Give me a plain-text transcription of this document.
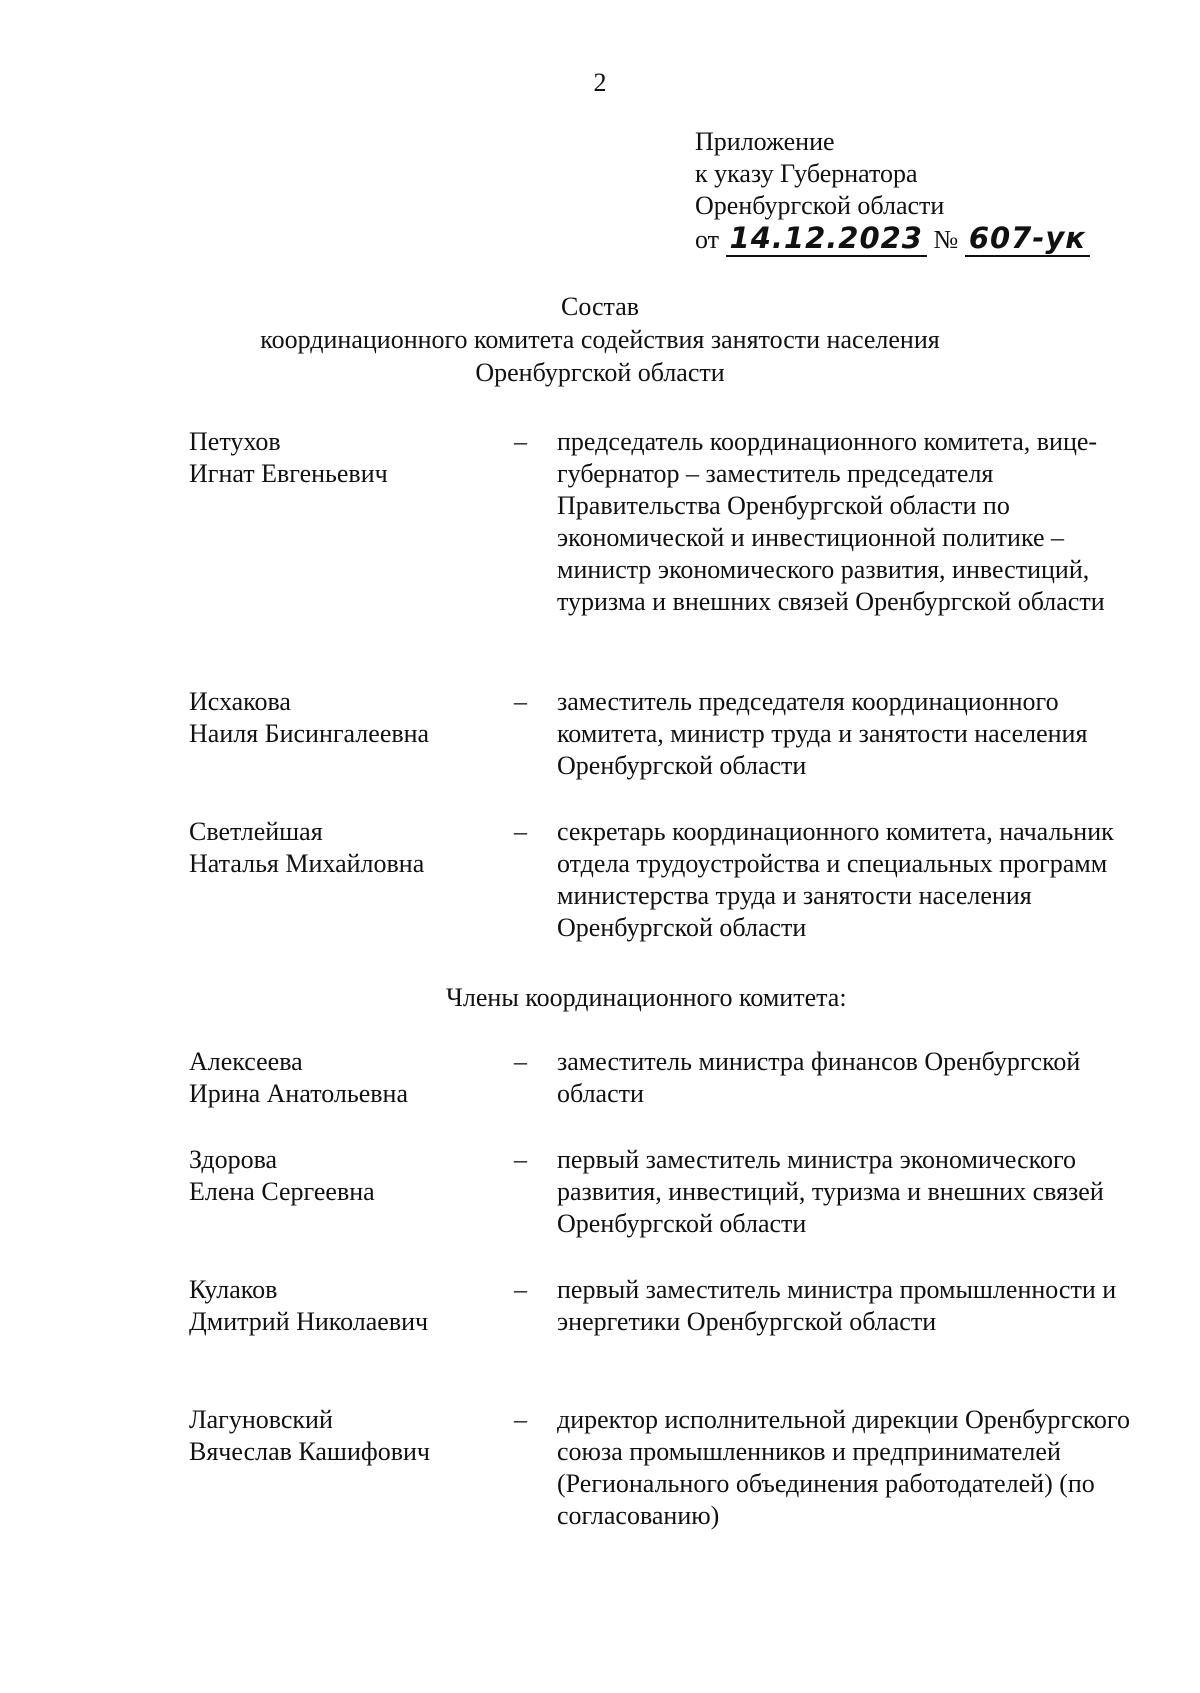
2
Приложение
к указу Губернатора
Оренбургской области
от 14.12.2023 № 607-ук
Состав
координационного комитета содействия занятости населения
Оренбургской области
Петухов
Игнат Евгеньевич
– председатель координационного комитета, вице-губернатор – заместитель председателя Правительства Оренбургской области по экономической и инвестиционной политике – министр экономического развития, инвестиций, туризма и внешних связей Оренбургской области
Исхакова
Наиля Бисингалеевна
– заместитель председателя координационного комитета, министр труда и занятости населения Оренбургской области
Светлейшая
Наталья Михайловна
– секретарь координационного комитета, начальник отдела трудоустройства и специальных программ министерства труда и занятости населения Оренбургской области
Члены координационного комитета:
Алексеева
Ирина Анатольевна
– заместитель министра финансов Оренбургской области
Здорова
Елена Сергеевна
– первый заместитель министра экономического развития, инвестиций, туризма и внешних связей Оренбургской области
Кулаков
Дмитрий Николаевич
– первый заместитель министра промышленности и энергетики Оренбургской области
Лагуновский
Вячеслав Кашифович
– директор исполнительной дирекции Оренбургского союза промышленников и предпринимателей (Регионального объединения работодателей) (по согласованию)
